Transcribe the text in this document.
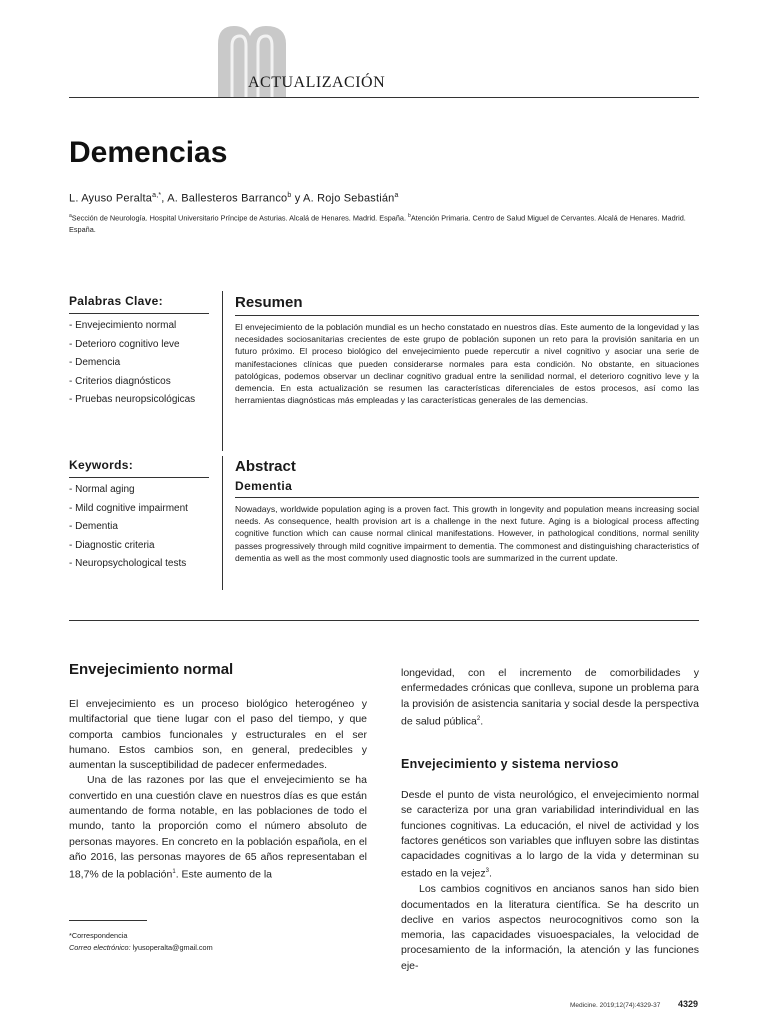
ACTUALIZACIÓN
Demencias
L. Ayuso Peralta$^{a,*}$, A. Ballesteros Barranco$^b$ y A. Rojo Sebastián$^a$
$^a$Sección de Neurología. Hospital Universitario Príncipe de Asturias. Alcalá de Henares. Madrid. España. $^b$Atención Primaria. Centro de Salud Miguel de Cervantes. Alcalá de Henares. Madrid. España.
Palabras Clave:
- Envejecimiento normal
- Deterioro cognitivo leve
- Demencia
- Criterios diagnósticos
- Pruebas neuropsicológicas
Keywords:
- Normal aging
- Mild cognitive impairment
- Dementia
- Diagnostic criteria
- Neuropsychological tests
Resumen
El envejecimiento de la población mundial es un hecho constatado en nuestros días. Este aumento de la longevidad y las necesidades sociosanitarias crecientes de este grupo de población suponen un reto para la provisión sanitaria en un futuro próximo. El proceso biológico del envejecimiento puede repercutir a nivel cognitivo y asociar una serie de manifestaciones clínicas que pueden considerarse normales para esta condición. No obstante, en situaciones patológicas, podemos observar un declinar cognitivo gradual entre la senilidad normal, el deterioro cognitivo leve y la demencia. En esta actualización se resumen las características diferenciales de estos procesos, así como las herramientas diagnósticas más empleadas y las características generales de las demencias.
Abstract
Dementia
Nowadays, worldwide population aging is a proven fact. This growth in longevity and population means increasing social needs. As consequence, health provision art is a challenge in the next future. Aging is a biological process affecting cognitive function which can cause normal clinical manifestations. However, in pathological conditions, normal senility passes progressively through mild cognitive impairment to dementia. The commonest and distinguishing characteristics of dementia as well as the most commonly used diagnostic tools are summarized in the current update.
Envejecimiento normal

El envejecimiento es un proceso biológico heterogéneo y multifactorial que tiene lugar con el paso del tiempo, y que comporta cambios funcionales y estructurales en el ser humano. Estos cambios son, en general, predecibles y aumentan la susceptibilidad de padecer enfermedades.

Una de las razones por las que el envejecimiento se ha convertido en una cuestión clave en nuestros días es que están aumentando de forma notable, en las poblaciones de todo el mundo, tanto la proporción como el número absoluto de personas mayores. En concreto en la población española, en el año 2016, las personas mayores de 65 años representaban el 18,7% de la población$^1$. Este aumento de la

longevidad, con el incremento de comorbilidades y enfermedades crónicas que conlleva, supone un problema para la provisión de asistencia sanitaria y social desde la perspectiva de salud pública$^2$.

Envejecimiento y sistema nervioso

Desde el punto de vista neurológico, el envejecimiento normal se caracteriza por una gran variabilidad interindividual en las funciones cognitivas. La educación, el nivel de actividad y los factores genéticos son variables que influyen sobre las distintas capacidades cognitivas a lo largo de la vida y determinan su estado en la vejez$^3$.

Los cambios cognitivos en ancianos sanos han sido bien documentados en la literatura científica. Se ha descrito un declive en varios aspectos neurocognitivos como son la memoria, las capacidades visuoespaciales, la velocidad de procesamiento de la información, la atención y las funciones eje-

*Correspondencia
Correo electrónico: lyusoperalta@gmail.com
Medicine. 2019;12(74):4329-37 4329
